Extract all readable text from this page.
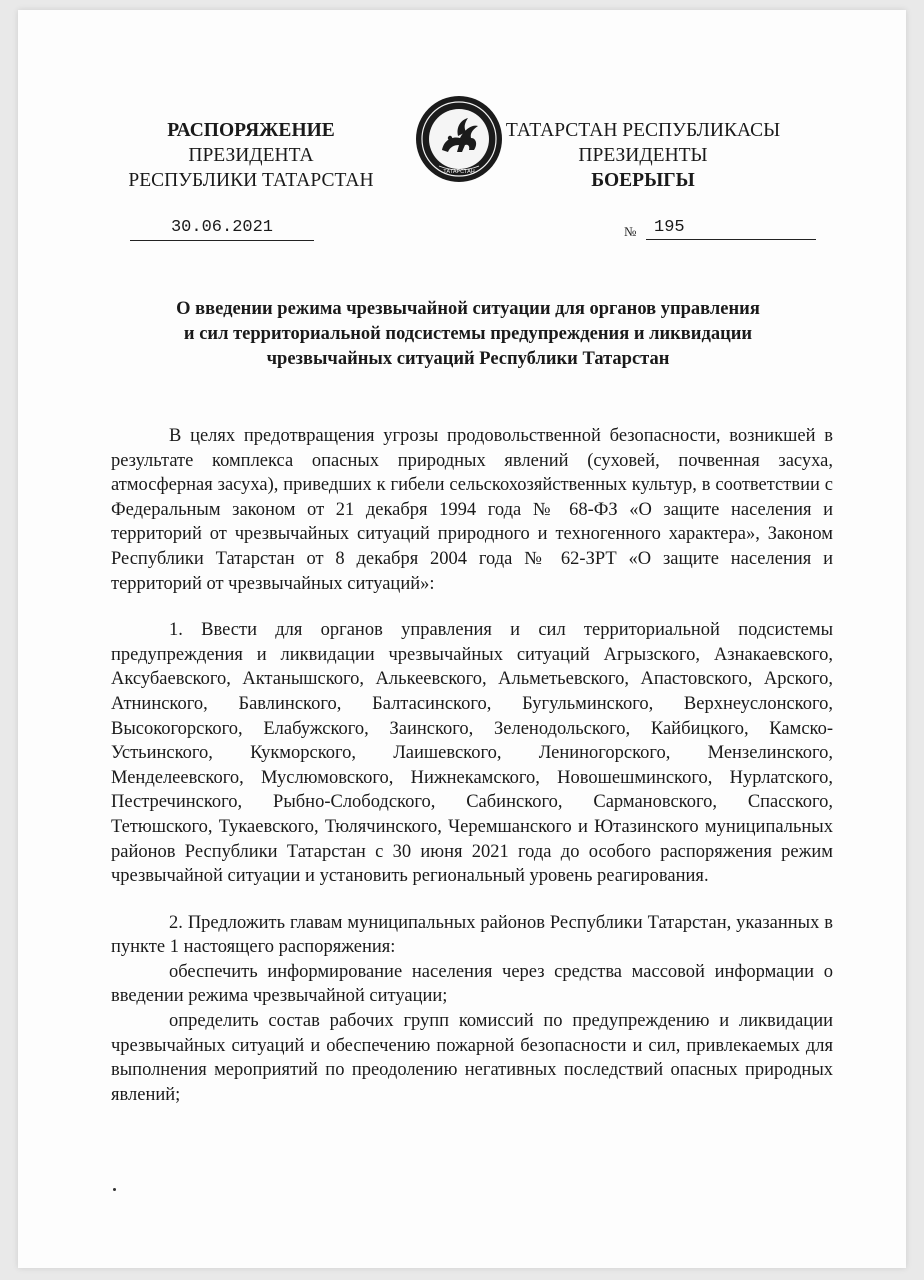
РАСПОРЯЖЕНИЕ
ПРЕЗИДЕНТА
РЕСПУБЛИКИ ТАТАРСТАН	ТАТАРСТАН
ТАТАРСТАН РЕСПУБЛИКАСЫ
ПРЕЗИДЕНТЫ
БОЕРЫГЫ
30.06.2021	№	195
О введении режима чрезвычайной ситуации для органов управления
и сил территориальной подсистемы предупреждения и ликвидации
чрезвычайных ситуаций Республики Татарстан

В целях предотвращения угрозы продовольственной безопасности, возникшей в результате комплекса опасных природных явлений (суховей, почвенная засуха, атмосферная засуха), приведших к гибели сельскохозяйственных культур, в соответствии с Федеральным законом от 21 декабря 1994 года № 68-ФЗ «О защите населения и территорий от чрезвычайных ситуаций природного и техногенного характера», Законом Республики Татарстан от 8 декабря 2004 года № 62-ЗРТ «О защите населения и территорий от чрезвычайных ситуаций»:

1. Ввести для органов управления и сил территориальной подсистемы предупреждения и ликвидации чрезвычайных ситуаций Агрызского, Азнакаевского, Аксубаевского, Актанышского, Алькеевского, Альметьевского, Апастовского, Арского, Атнинского, Бавлинского, Балтасинского, Бугульминского, Верхнеуслонского, Высокогорского, Елабужского, Заинского, Зеленодольского, Кайбицкого, Камско-Устьинского, Кукморского, Лаишевского, Лениногорского, Мензелинского, Менделеевского, Муслюмовского, Нижнекамского, Новошешминского, Нурлатского, Пестречинского, Рыбно-Слободского, Сабинского, Сармановского, Спасского, Тетюшского, Тукаевского, Тюлячинского, Черемшанского и Ютазинского муниципальных районов Республики Татарстан с 30 июня 2021 года до особого распоряжения режим чрезвычайной ситуации и установить региональный уровень реагирования.

2. Предложить главам муниципальных районов Республики Татарстан, указанных в пункте 1 настоящего распоряжения:

обеспечить информирование населения через средства массовой информации о введении режима чрезвычайной ситуации;

определить состав рабочих групп комиссий по предупреждению и ликвидации чрезвычайных ситуаций и обеспечению пожарной безопасности и сил, привлекаемых для выполнения мероприятий по преодолению негативных последствий опасных природных явлений;
